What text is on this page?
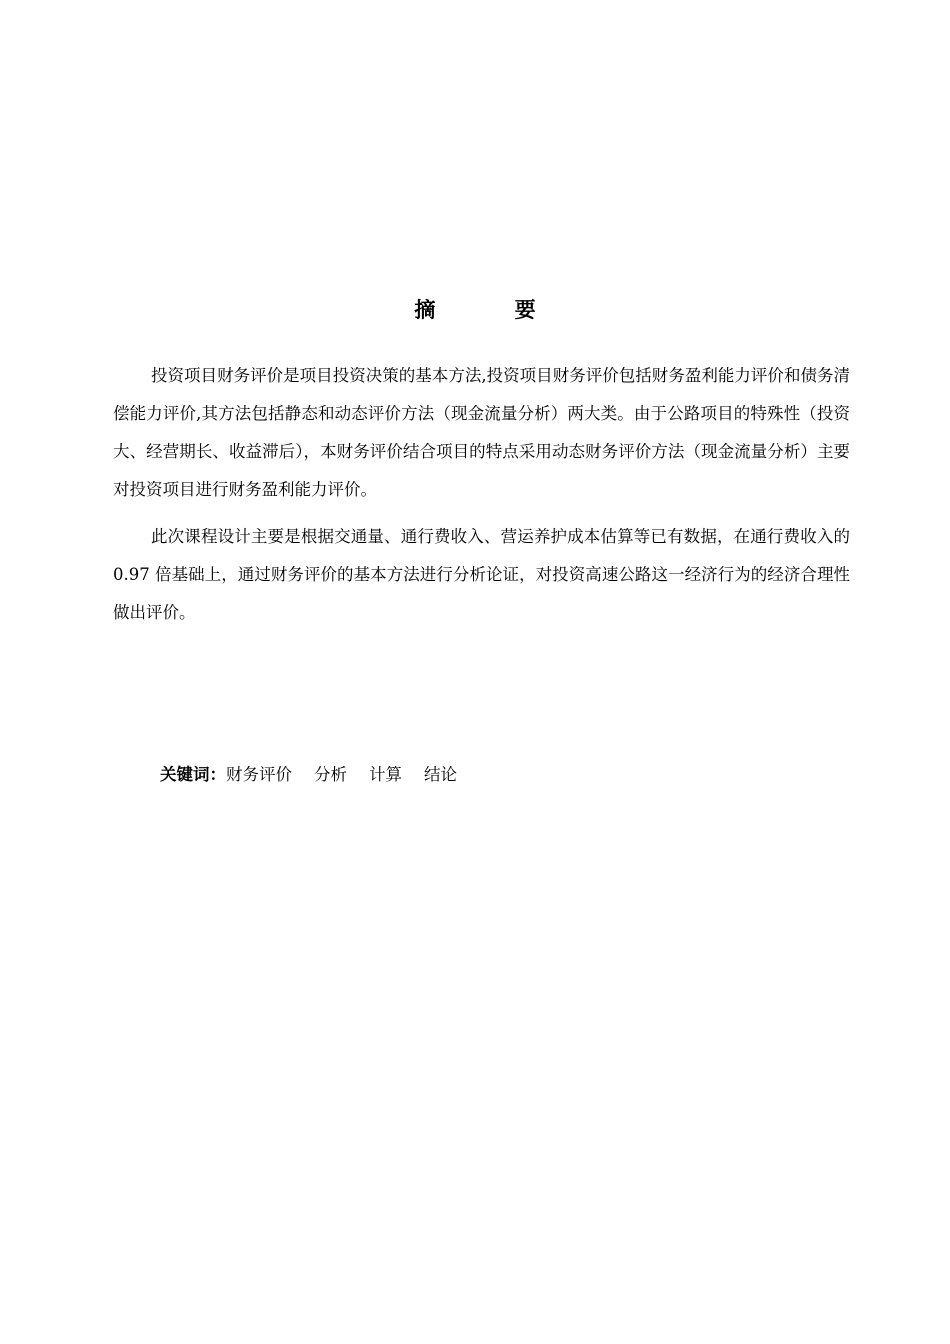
摘 要

投资项目财务评价是项目投资决策的基本方法,投资项目财务评价包括财务盈利能力评价和债务清偿能力评价,其方法包括静态和动态评价方法（现金流量分析）两大类。由于公路项目的特殊性（投资大、经营期长、收益滞后），本财务评价结合项目的特点采用动态财务评价方法（现金流量分析）主要对投资项目进行财务盈利能力评价。

此次课程设计主要是根据交通量、通行费收入、营运养护成本估算等已有数据，在通行费收入的 0.97 倍基础上，通过财务评价的基本方法进行分析论证，对投资高速公路这一经济行为的经济合理性做出评价。

关键词：财务评价 分析 计算 结论
